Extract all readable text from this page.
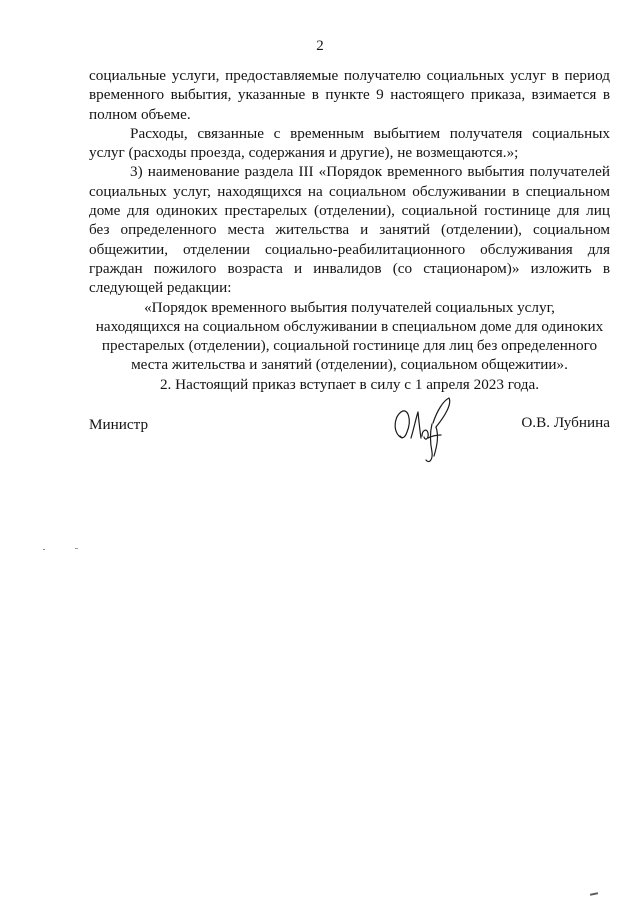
2

социальные услуги, предоставляемые получателю социальных услуг в период временного выбытия, указанные в пункте 9 настоящего приказа, взимается в полном объеме.

Расходы, связанные с временным выбытием получателя социальных услуг (расходы проезда, содержания и другие), не возмещаются.»;

3) наименование раздела III «Порядок временного выбытия получателей социальных услуг, находящихся на социальном обслуживании в специальном доме для одиноких престарелых (отделении), социальной гостинице для лиц без определенного места жительства и занятий (отделении), социальном общежитии, отделении социально-реабилитационного обслуживания для граждан пожилого возраста и инвалидов (со стационаром)» изложить в следующей редакции:

«Порядок временного выбытия получателей социальных услуг,

находящихся на социальном обслуживании в специальном доме для одиноких

престарелых (отделении), социальной гостинице для лиц без определенного

места жительства и занятий (отделении), социальном общежитии».

2. Настоящий приказ вступает в силу с 1 апреля 2023 года.

Министр	О.В. Лубнина
